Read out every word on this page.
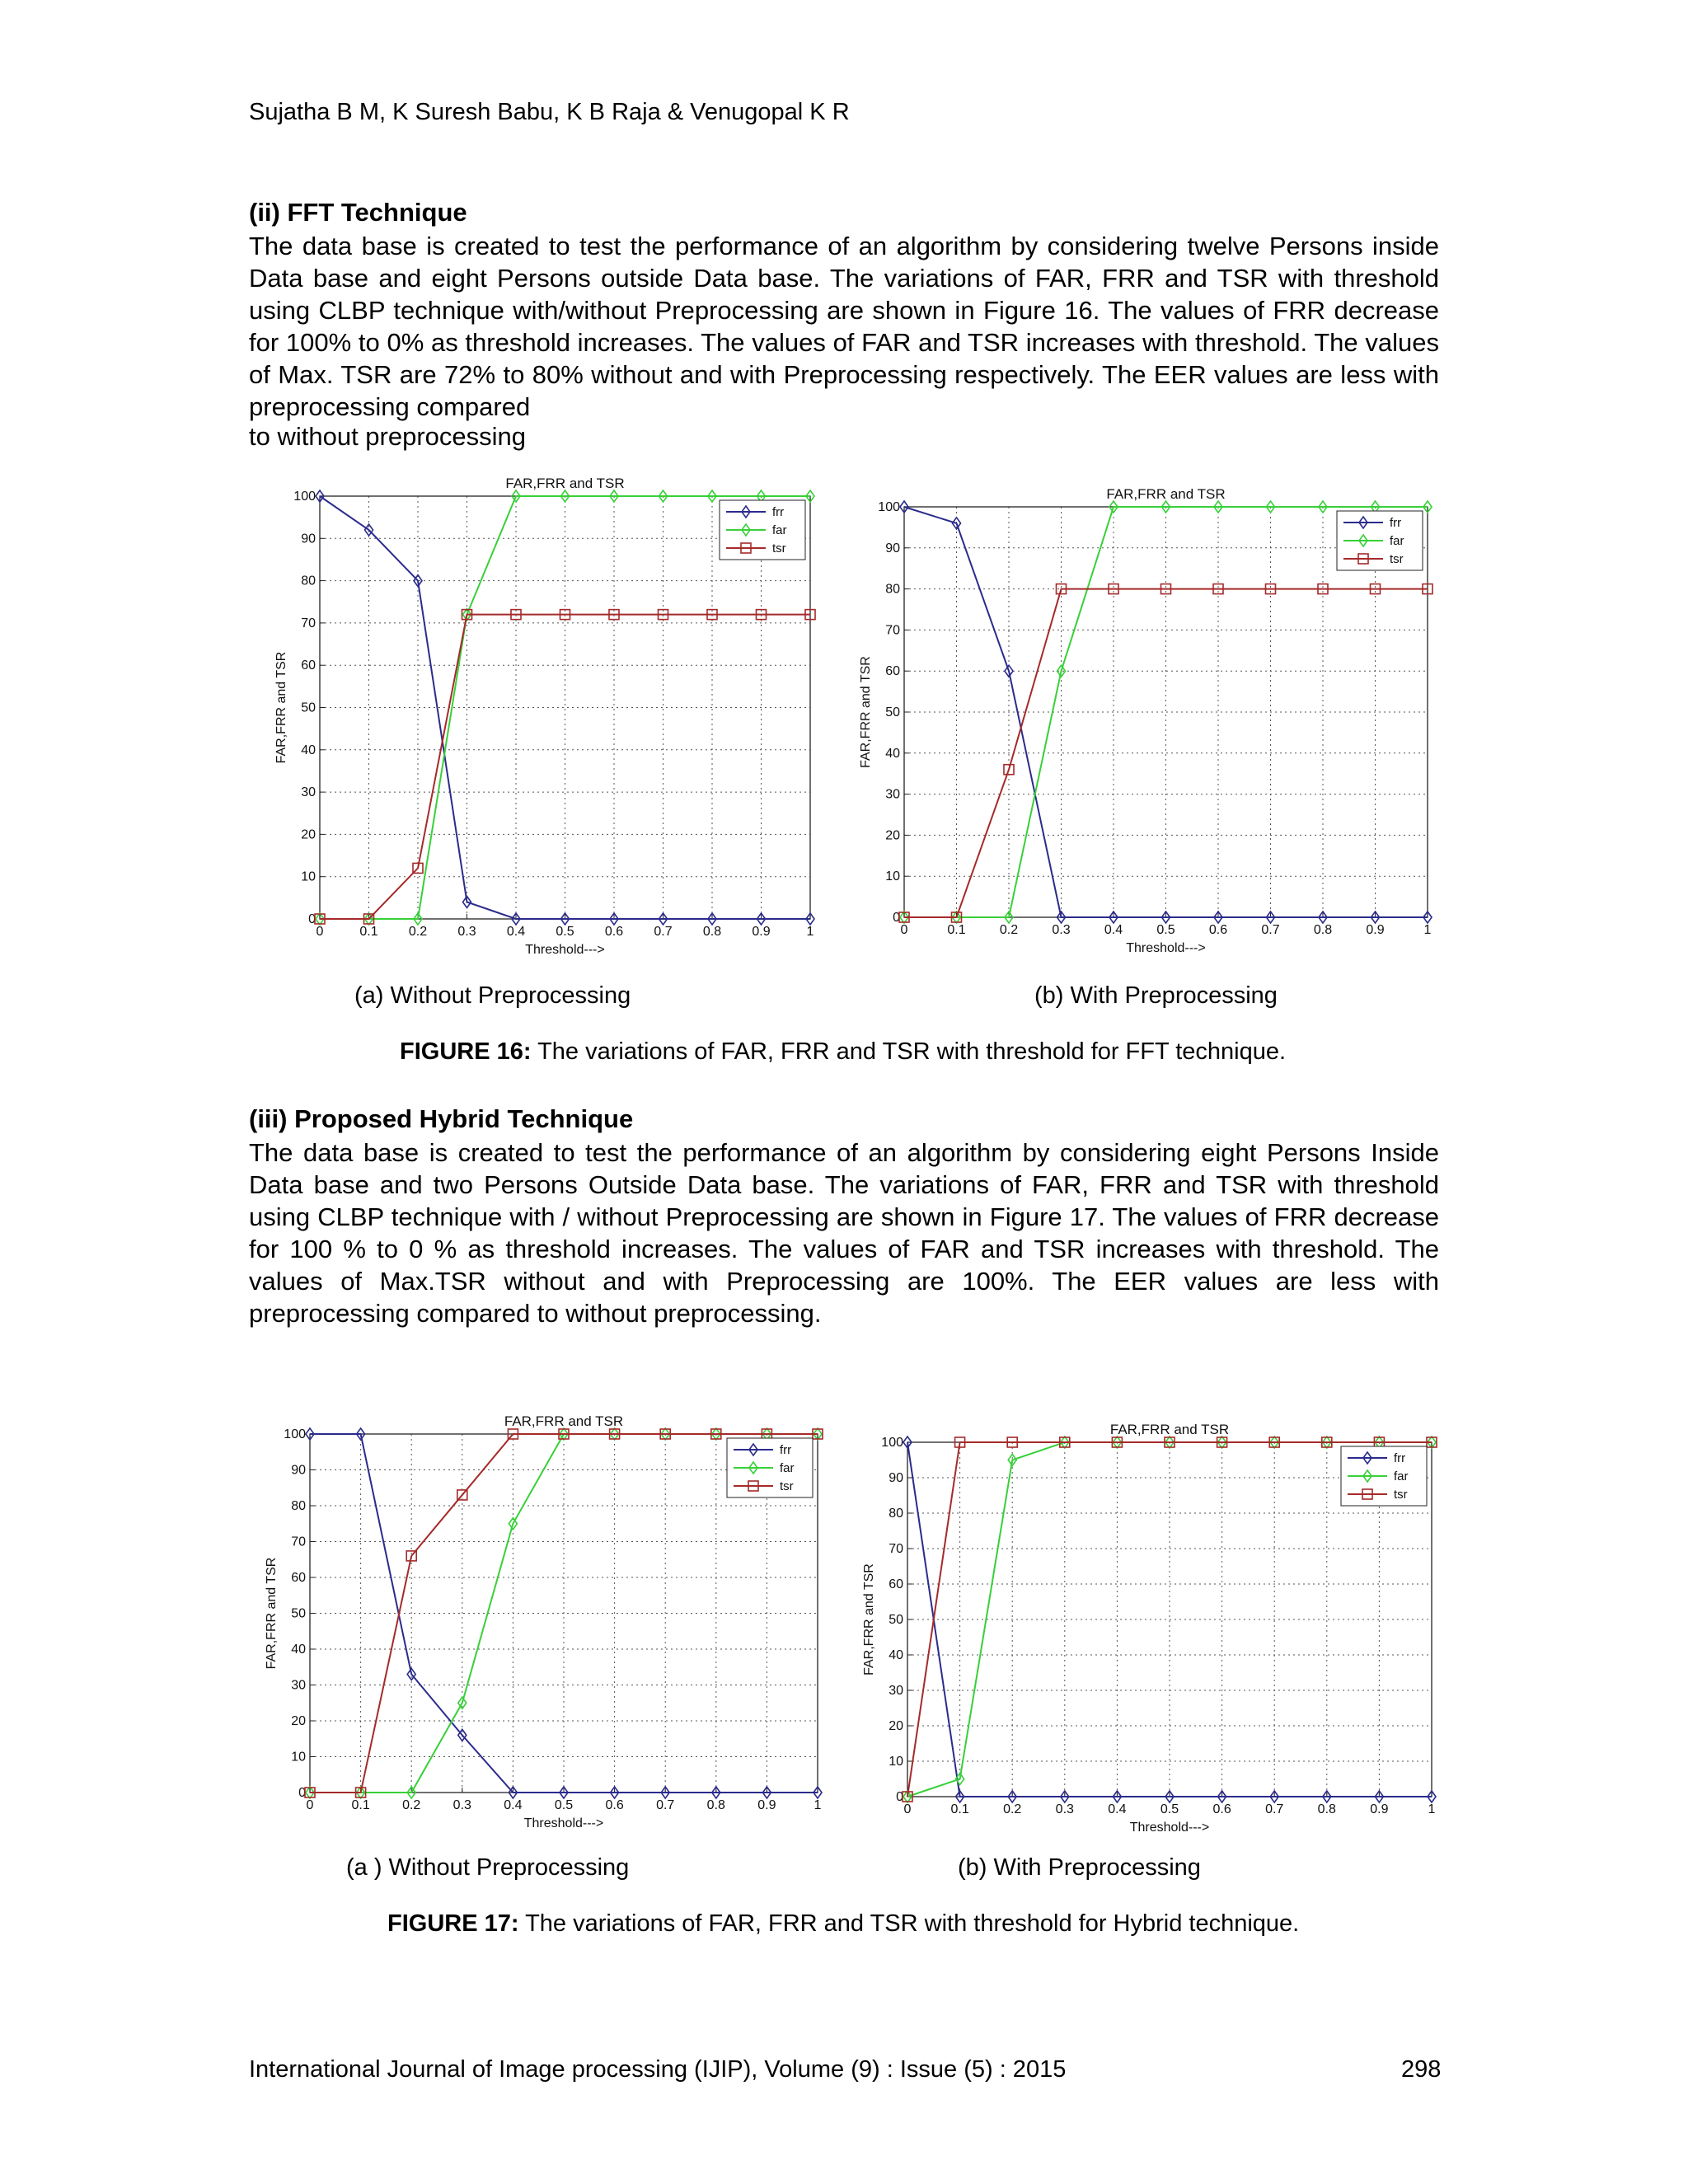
Sujatha B M, K Suresh Babu, K B Raja & Venugopal K R
(ii) FFT Technique

The data base is created to test the performance of an algorithm by considering twelve Persons inside Data base and eight Persons outside Data base. The variations of FAR, FRR and TSR with threshold using CLBP technique with/without Preprocessing are shown in Figure 16. The values of FRR decrease for 100% to 0% as threshold increases. The values of FAR and TSR increases with threshold. The values of Max. TSR are 72% to 80% without and with Preprocessing respectively. The EER values are less with preprocessing compared

to without preprocessing
0	0.1 0.2 0.3 0.4 0.5 0.6 0.7 0.8 0.9	1
0
10
20
30
40
50
60
70
80
90
100
FAR,FRR and TSR
Threshold--->
FAR,FRR and TSR
frr
far
tsr
0	0.1	0.2	0.3	0.4	0.5	0.6	0.7	0.8	0.9	1
0
10
20
30
40
50
60
70
80
90
100
FAR,FRR and TSR
Threshold--->
FAR,FRR and TSR
frr
far
tsr
(a) Without Preprocessing	(b) With Preprocessing
FIGURE 16: The variations of FAR, FRR and TSR with threshold for FFT technique.
(iii) Proposed Hybrid Technique

The data base is created to test the performance of an algorithm by considering eight Persons Inside Data base and two Persons Outside Data base. The variations of FAR, FRR and TSR with threshold using CLBP technique with / without Preprocessing are shown in Figure 17. The values of FRR decrease for 100 % to 0 % as threshold increases. The values of FAR and TSR increases with threshold. The values of Max.TSR without and with Preprocessing are 100%. The EER values are less with preprocessing compared to without preprocessing.

0	0.1 0.2 0.3 0.4 0.5 0.6 0.7 0.8 0.9	1
0
10
20
30
40
50
60
70
80
90
100
FAR,FRR and TSR
Threshold--->
FAR,FRR and TSR
frr
far
tsr
0	0.1	0.2	0.3	0.4	0.5	0.6	0.7	0.8	0.9	1
0
10
20
30
40
50
60
70
80
90
100
FAR,FRR and TSR
Threshold--->
FAR,FRR and TSR
frr
far
tsr
(a ) Without Preprocessing	(b) With Preprocessing
FIGURE 17: The variations of FAR, FRR and TSR with threshold for Hybrid technique.
International Journal of Image processing (IJIP), Volume (9) : Issue (5) : 2015	298
